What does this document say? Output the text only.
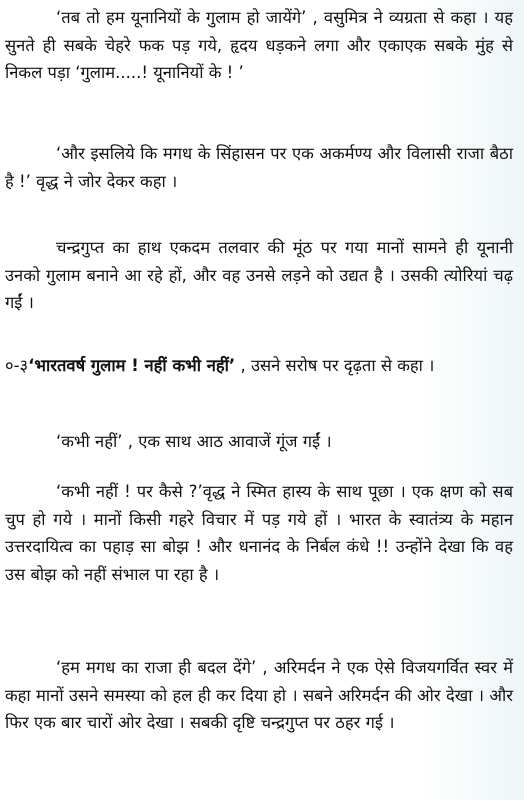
‘तब तो हम यूनानियों के गुलाम हो जायेंगे’ , वसुमित्र ने व्यग्रता से कहा । यह सुनते ही सबके चेहरे फक पड़ गये, हृदय धड़कने लगा और एकाएक सबके मुंह से निकल पड़ा ‘गुलाम.....! यूनानियों के ! ’

‘और इसलिये कि मगध के सिंहासन पर एक अकर्मण्य और विलासी राजा बैठा है !’ वृद्ध ने जोर देकर कहा ।

चन्द्रगुप्त का हाथ एकदम तलवार की मूंठ पर गया मानों सामने ही यूनानी उनको गुलाम बनाने आ रहे हों, और वह उनसे लड़ने को उद्यत है । उसकी त्योरियां चढ़ गईं ।

०-३‘भारतवर्ष गुलाम ! नहीं कभी नहीं’ , उसने सरोष पर दृढ़ता से कहा ।

‘कभी नहीं’ , एक साथ आठ आवाजें गूंज गईं ।

‘कभी नहीं ! पर कैसे ?’वृद्ध ने स्मित हास्य के साथ पूछा । एक क्षण को सब चुप हो गये । मानों किसी गहरे विचार में पड़ गये हों । भारत के स्वातंत्र्य के महान उत्तरदायित्व का पहाड़ सा बोझ ! और धनानंद के निर्बल कंधे !! उन्होंने देखा कि वह उस बोझ को नहीं संभाल पा रहा है ।

‘हम मगध का राजा ही बदल देंगे’ , अरिमर्दन ने एक ऐसे विजयगर्वित स्वर में कहा मानों उसने समस्या को हल ही कर दिया हो । सबने अरिमर्दन की ओर देखा । और फिर एक बार चारों ओर देखा । सबकी दृष्टि चन्द्रगुप्त पर ठहर गई ।
